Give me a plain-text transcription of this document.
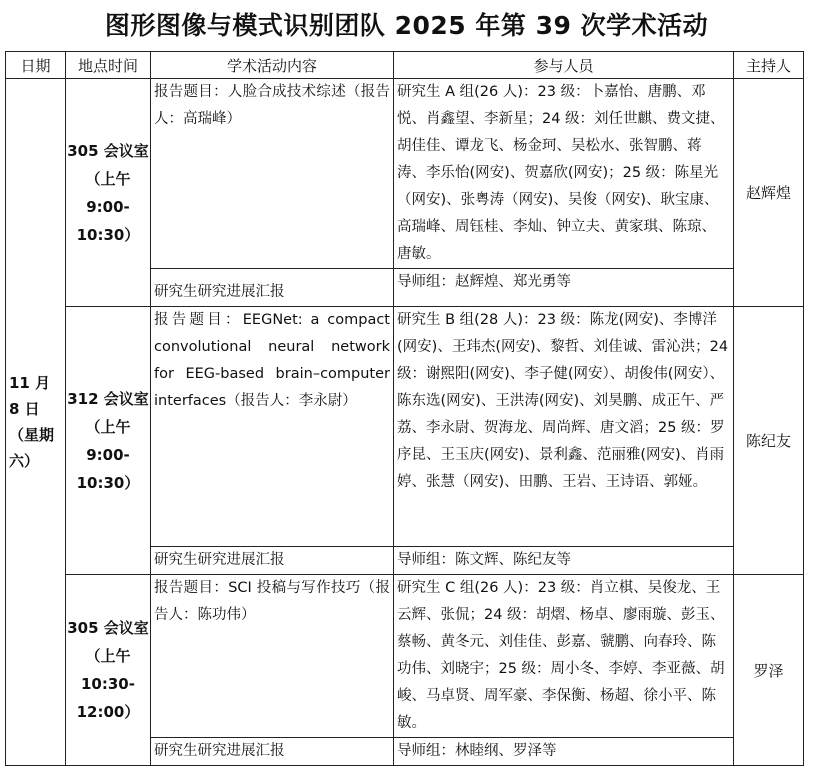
图形图像与模式识别团队 2025 年第 39 次学术活动
日期	地点时间	学术活动内容	参与人员	主持人
11 月 8 日（星期六）	305 会议室（上午 9:00-10:30）	报告题目：人脸合成技术综述（报告人：高瑞峰）	研究生 A 组(26 人)：23 级：卜嘉怡、唐鹏、邓悦、肖鑫望、李新星；24 级：刘任世麒、费文捷、胡佳佳、谭龙飞、杨金珂、吴松水、张智鹏、蒋涛、李乐怡(网安)、贺嘉欣(网安)；25 级：陈星光（网安)、张粤涛（网安)、吴俊（网安)、耿宝康、高瑞峰、周钰桂、李灿、钟立夫、黄家琪、陈琼、唐敏。	赵辉煌
		研究生研究进展汇报	导师组：赵辉煌、郑光勇等	
	312 会议室（上午 9:00-10:30）	报告题目：EEGNet: a compact convolutional neural network for EEG-based brain–computer interfaces（报告人：李永尉）	研究生 B 组(28 人)：23 级：陈龙(网安)、李博洋(网安)、王玮杰(网安)、黎哲、刘佳诚、雷沁洪；24 级：谢熙阳(网安)、李子健(网安）、胡俊伟(网安）、陈东选(网安)、王洪涛(网安)、刘昊鹏、成正午、严荔、李永尉、贺海龙、周尚辉、唐文滔；25 级：罗序昆、王玉庆(网安)、景利鑫、范丽雅(网安)、肖雨婷、张慧（网安)、田鹏、王岩、王诗语、郭娅。	陈纪友
		研究生研究进展汇报	导师组：陈文辉、陈纪友等	
	305 会议室（上午 10:30-12:00）	报告题目：SCI 投稿与写作技巧（报告人：陈功伟）	研究生 C 组(26 人)：23 级：肖立棋、吴俊龙、王云辉、张侃；24 级：胡熠、杨卓、廖雨璇、彭玉、蔡畅、黄冬元、刘佳佳、彭嘉、虢鹏、向春玲、陈功伟、刘晓宇；25 级：周小冬、李婷、李亚薇、胡峻、马卓贤、周军豪、李保衡、杨超、徐小平、陈敏。	罗泽
		研究生研究进展汇报	导师组：林睦纲、罗泽等	
